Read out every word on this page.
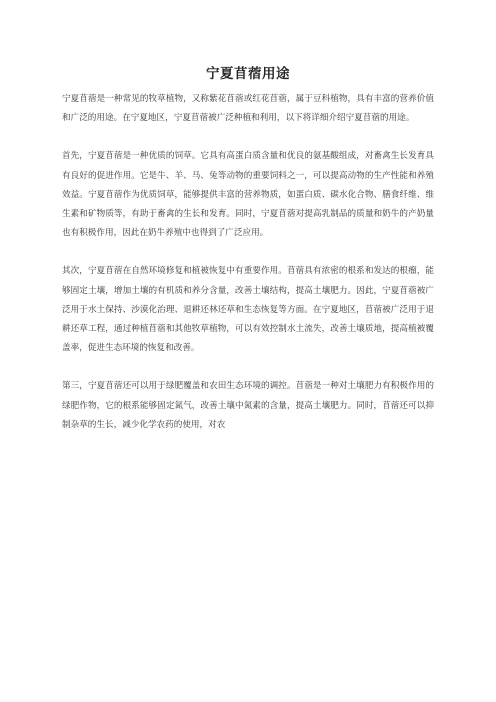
宁夏苜蓿用途

宁夏苜蓿是一种常见的牧草植物，又称紫花苜蓿或红花苜蓿，属于豆科植物，具有丰富的营养价值和广泛的用途。在宁夏地区，宁夏苜蓿被广泛种植和利用，以下将详细介绍宁夏苜蓿的用途。

首先，宁夏苜蓿是一种优质的饲草。它具有高蛋白质含量和优良的氨基酸组成，对畜禽生长发育具有良好的促进作用。它是牛、羊、马、兔等动物的重要饲料之一，可以提高动物的生产性能和养殖效益。宁夏苜蓿作为优质饲草，能够提供丰富的营养物质，如蛋白质、碳水化合物、膳食纤维、维生素和矿物质等，有助于畜禽的生长和发育。同时，宁夏苜蓿对提高乳制品的质量和奶牛的产奶量也有积极作用，因此在奶牛养殖中也得到了广泛应用。

其次，宁夏苜蓿在自然环境修复和植被恢复中有重要作用。苜蓿具有浓密的根系和发达的根瘤，能够固定土壤，增加土壤的有机质和养分含量，改善土壤结构，提高土壤肥力。因此，宁夏苜蓿被广泛用于水土保持、沙漠化治理、退耕还林还草和生态恢复等方面。在宁夏地区，苜蓿被广泛用于退耕还草工程，通过种植苜蓿和其他牧草植物，可以有效控制水土流失，改善土壤质地，提高植被覆盖率，促进生态环境的恢复和改善。

第三，宁夏苜蓿还可以用于绿肥覆盖和农田生态环境的调控。苜蓿是一种对土壤肥力有积极作用的绿肥作物，它的根系能够固定氮气，改善土壤中氮素的含量，提高土壤肥力。同时，苜蓿还可以抑制杂草的生长，减少化学农药的使用，对农
